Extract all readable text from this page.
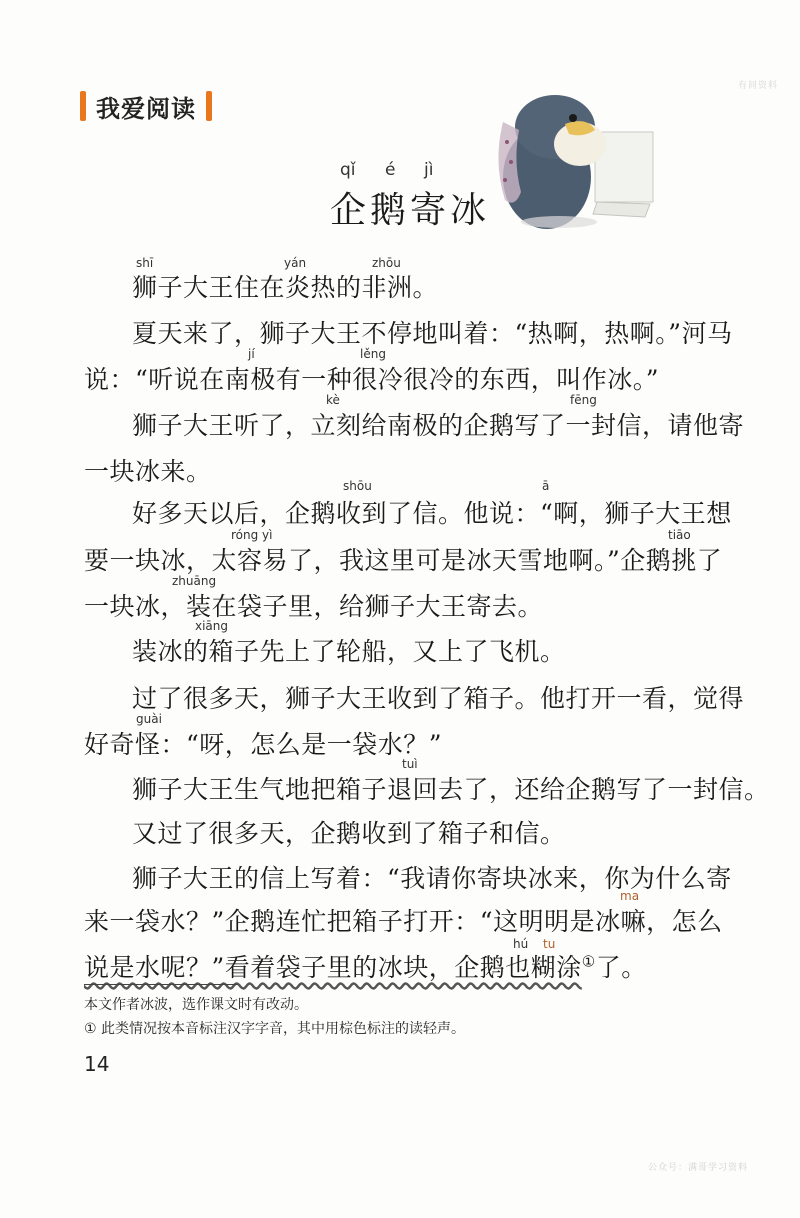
有间资料
我爱阅读
qǐ é jì
企鹅寄冰
shī	yán	zhōu
jí	lěng
kè	fēng
ā
shōu
róng yì	tiāo
zhuāng
xiāng
guài
tuì
ma
hú tu
狮子大王住在炎热的非洲。
夏天来了，狮子大王不停地叫着：“热啊，热啊。”河马
说：“听说在南极有一种很冷很冷的东西，叫作冰。”
狮子大王听了，立刻给南极的企鹅写了一封信，请他寄
一块冰来。
好多天以后，企鹅收到了信。他说：“啊，狮子大王想
要一块冰，太容易了，我这里可是冰天雪地啊。”企鹅挑了
一块冰，装在袋子里，给狮子大王寄去。
装冰的箱子先上了轮船，又上了飞机。
过了很多天，狮子大王收到了箱子。他打开一看，觉得
好奇怪：“呀，怎么是一袋水？”
狮子大王生气地把箱子退回去了，还给企鹅写了一封信。
又过了很多天，企鹅收到了箱子和信。
狮子大王的信上写着：“我请你寄块冰来，你为什么寄
来一袋水？”企鹅连忙把箱子打开：“这明明是冰嘛，怎么
说是水呢？”看着袋子里的冰块，企鹅也糊涂①了。
本文作者冰波，选作课文时有改动。
① 此类情况按本音标注汉字字音，其中用棕色标注的读轻声。
14
公众号：满哥学习资料
